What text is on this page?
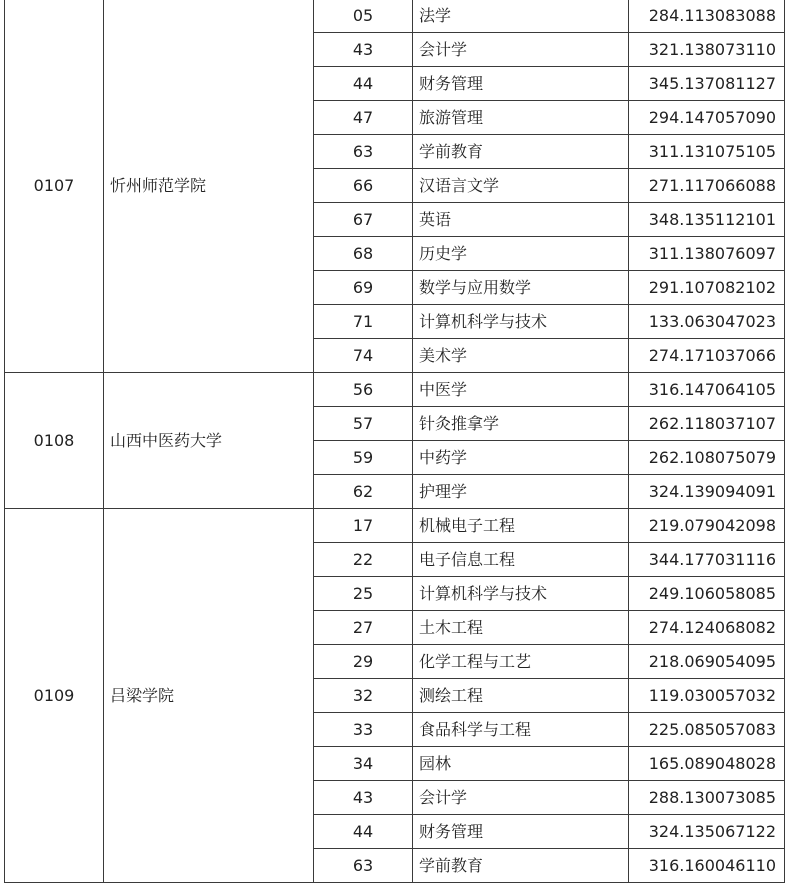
0107	忻州师范学院	05	法学	284.113083088
		43	会计学	321.138073110
		44	财务管理	345.137081127
		47	旅游管理	294.147057090
		63	学前教育	311.131075105
		66	汉语言文学	271.117066088
		67	英语	348.135112101
		68	历史学	311.138076097
		69	数学与应用数学	291.107082102
		71	计算机科学与技术	133.063047023
		74	美术学	274.171037066
0108	山西中医药大学	56	中医学	316.147064105
		57	针灸推拿学	262.118037107
		59	中药学	262.108075079
		62	护理学	324.139094091
0109	吕梁学院	17	机械电子工程	219.079042098
		22	电子信息工程	344.177031116
		25	计算机科学与技术	249.106058085
		27	土木工程	274.124068082
		29	化学工程与工艺	218.069054095
		32	测绘工程	119.030057032
		33	食品科学与工程	225.085057083
		34	园林	165.089048028
		43	会计学	288.130073085
		44	财务管理	324.135067122
		63	学前教育	316.160046110
